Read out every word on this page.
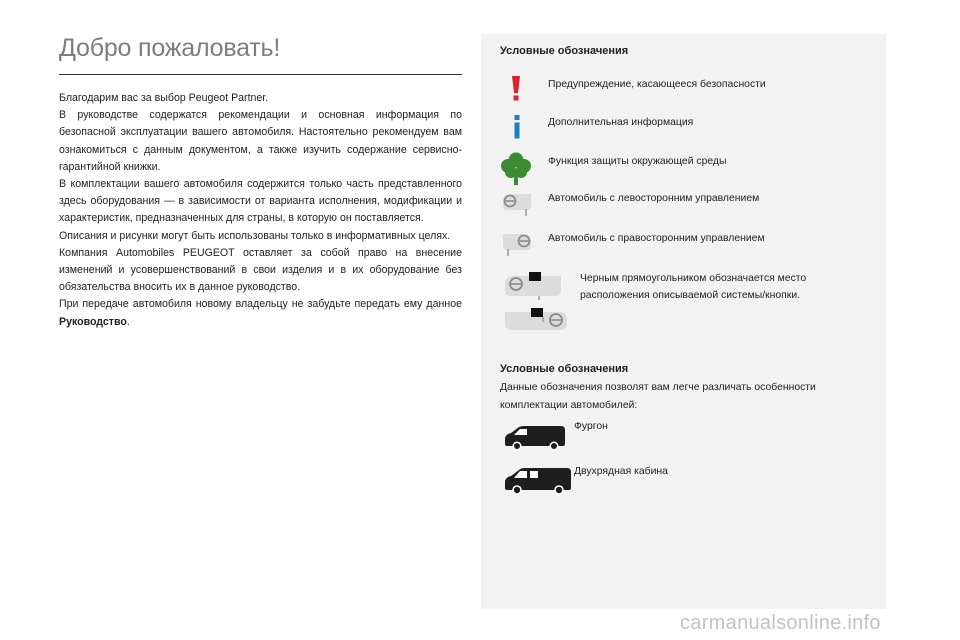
Добро пожаловать!

Благодарим вас за выбор Peugeot Partner.

В руководстве содержатся рекомендации и основная информация по безопасной эксплуатации вашего автомобиля. Настоятельно рекомендуем вам ознакомиться с данным документом, а также изучить содержание сервисно-гарантийной книжки.

В комплектации вашего автомобиля содержится только часть представленного здесь оборудования — в зависимости от варианта исполнения, модификации и характеристик, предназначенных для страны, в которую он поставляется.

Описания и рисунки могут быть использованы только в информативных целях.

Компания Automobiles PEUGEOT оставляет за собой право на внесение изменений и усовершенствований в свои изделия и в их оборудование без обязательства вносить их в данное руководство.

При передаче автомобиля новому владельцу не забудьте передать ему данное Руководство.

Условные обозначения
Предупреждение, касающееся безопасности
Дополнительная информация
Функция защиты окружающей среды
Автомобиль с левосторонним управлением
Автомобиль с правосторонним управлением
Черным прямоугольником обозначается место
расположения описываемой системы/кнопки.
Условные обозначения
Данные обозначения позволят вам легче различать особенности комплектации автомобилей:
Фургон
Двухрядная кабина
carmanualsonline.info
